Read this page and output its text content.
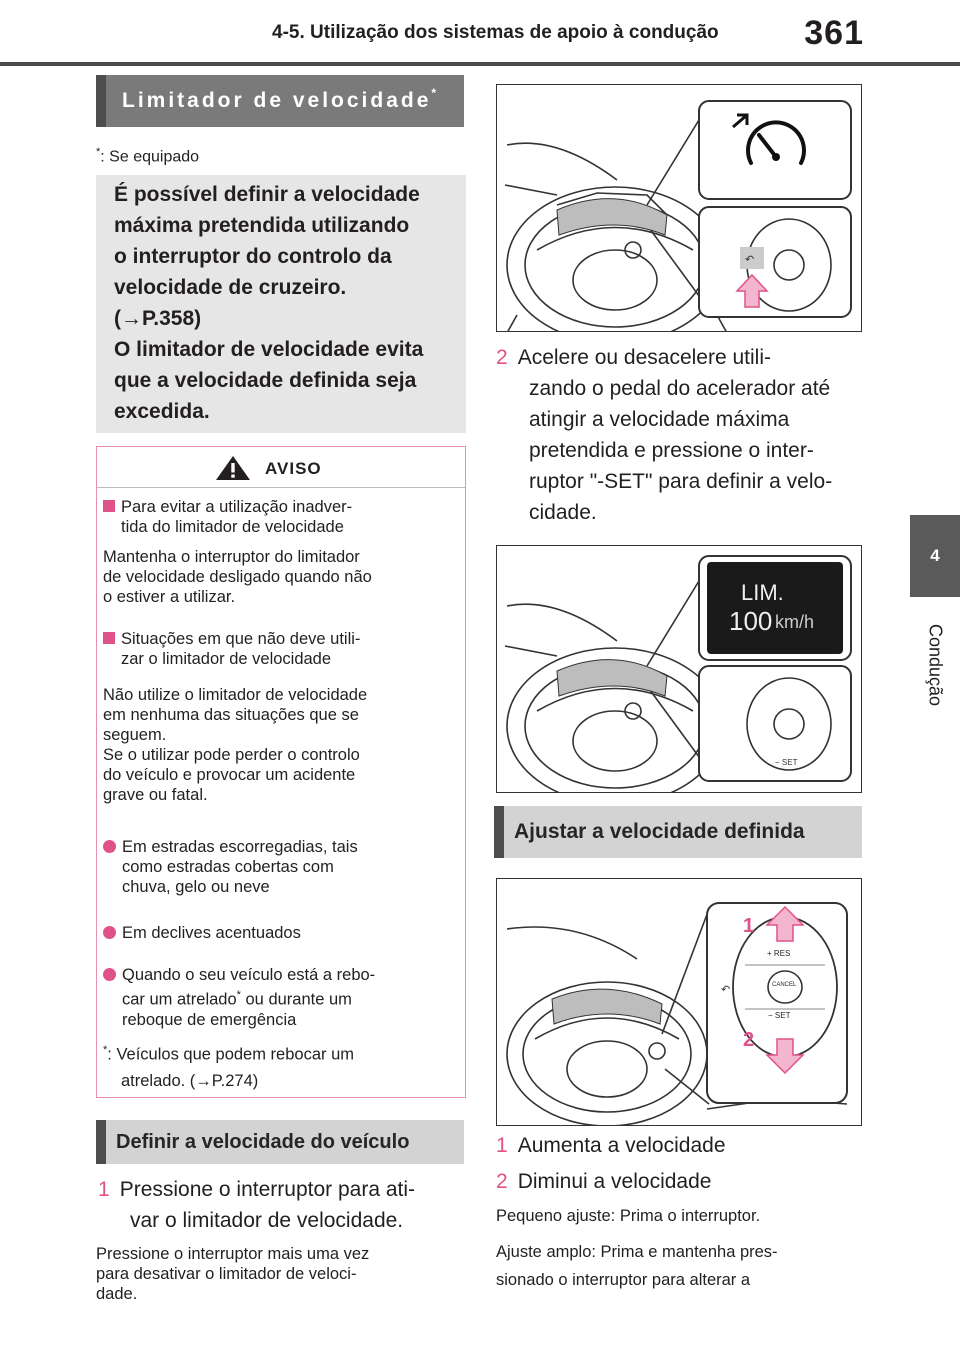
4-5. Utilização dos sistemas de apoio à condução	361
4
Condução
Limitador de velocidade*
*: Se equipado
É possível definir a velocidade
máxima pretendida utilizando
o interruptor do controlo da
velocidade de cruzeiro.
(→P.358)
O limitador de velocidade evita
que a velocidade definida seja
excedida.
AVISO
Para evitar a utilização inadver-
tida do limitador de velocidade
Mantenha o interruptor do limitador
de velocidade desligado quando não
o estiver a utilizar.
Situações em que não deve utili-
zar o limitador de velocidade
Não utilize o limitador de velocidade
em nenhuma das situações que se
seguem.
Se o utilizar pode perder o controlo
do veículo e provocar um acidente
grave ou fatal.
Em estradas escorregadias, tais
como estradas cobertas com
chuva, gelo ou neve
Em declives acentuados
Quando o seu veículo está a rebo-
car um atrelado* ou durante um
reboque de emergência
*: Veículos que podem rebocar um
atrelado. (→P.274)
Definir a velocidade do veículo
1 Pressione o interruptor para ati-
var o limitador de velocidade.
Pressione o interruptor mais uma vez
para desativar o limitador de veloci-
dade.
↶
2 Acelere ou desacelere utili-
zando o pedal do acelerador até
atingir a velocidade máxima
pretendida e pressione o inter-
ruptor "-SET" para definir a velo-
cidade.
LIM.
100 km/h
− SET
Ajustar a velocidade definida
↶
+ RES
CANCEL
− SET
1
2
1 Aumenta a velocidade
2 Diminui a velocidade
Pequeno ajuste: Prima o interruptor.
Ajuste amplo: Prima e mantenha pres-
sionado o interruptor para alterar a
